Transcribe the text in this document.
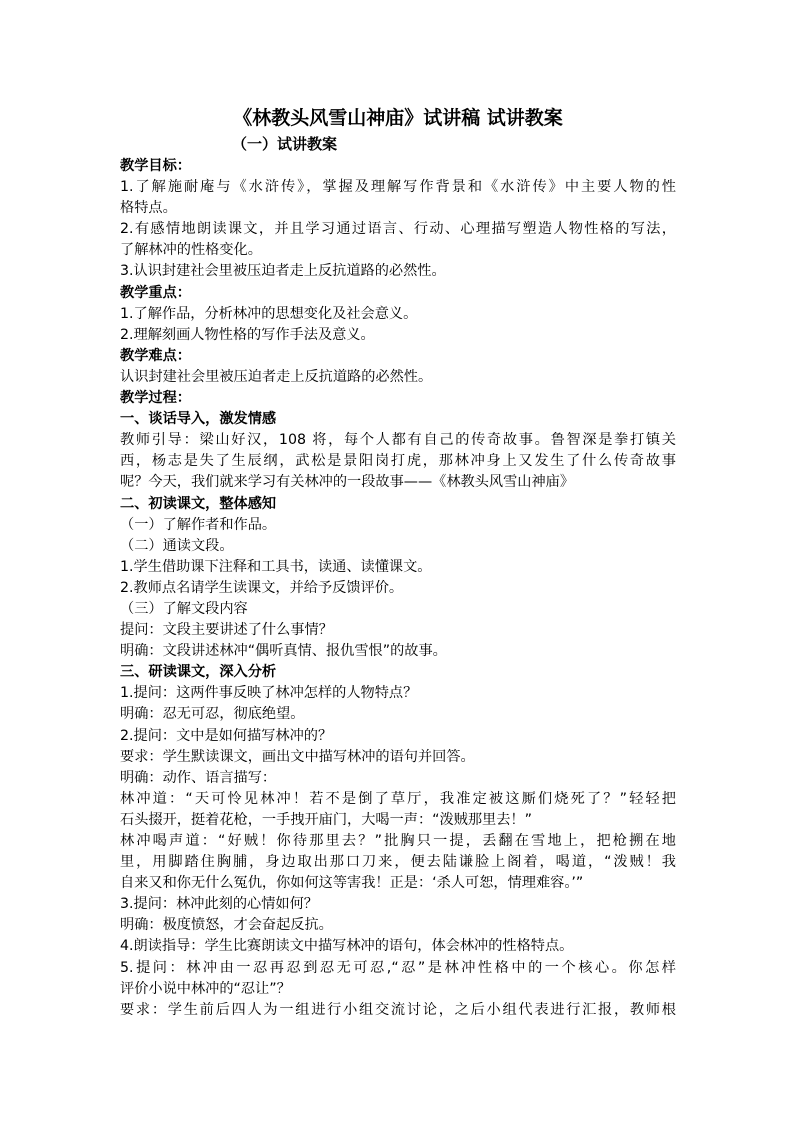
《林教头风雪山神庙》试讲稿 试讲教案
（一）试讲教案
教学目标：
1.了解施耐庵与《水浒传》，掌握及理解写作背景和《水浒传》中主要人物的性
格特点。
2.有感情地朗读课文，并且学习通过语言、行动、心理描写塑造人物性格的写法，
了解林冲的性格变化。
3.认识封建社会里被压迫者走上反抗道路的必然性。
教学重点：
1.了解作品，分析林冲的思想变化及社会意义。
2.理解刻画人物性格的写作手法及意义。
教学难点：
认识封建社会里被压迫者走上反抗道路的必然性。
教学过程：
一、谈话导入，激发情感
教师引导：梁山好汉，108 将，每个人都有自己的传奇故事。鲁智深是拳打镇关
西，杨志是失了生辰纲，武松是景阳岗打虎，那林冲身上又发生了什么传奇故事
呢？今天，我们就来学习有关林冲的一段故事——《林教头风雪山神庙》
二、初读课文，整体感知
（一）了解作者和作品。
（二）通读文段。
1.学生借助课下注释和工具书，读通、读懂课文。
2.教师点名请学生读课文，并给予反馈评价。
（三）了解文段内容
提问：文段主要讲述了什么事情？
明确：文段讲述林冲“偶听真情、报仇雪恨”的故事。
三、研读课文，深入分析
1.提问：这两件事反映了林冲怎样的人物特点？
明确：忍无可忍，彻底绝望。
2.提问：文中是如何描写林冲的？
要求：学生默读课文，画出文中描写林冲的语句并回答。
明确：动作、语言描写：
林冲道：“天可怜见林冲！若不是倒了草厅，我准定被这厮们烧死了？”轻轻把
石头掇开，挺着花枪，一手拽开庙门，大喝一声：“泼贼那里去！”
林冲喝声道：“好贼！你待那里去？”批胸只一提，丢翻在雪地上，把枪搠在地
里，用脚踏住胸脯，身边取出那口刀来，便去陆谦脸上阁着，喝道，“泼贼！我
自来又和你无什么冤仇，你如何这等害我！正是：‘杀人可恕，情理难容。’”
3.提问：林冲此刻的心情如何？
明确：极度愤怒，才会奋起反抗。
4.朗读指导：学生比赛朗读文中描写林冲的语句，体会林冲的性格特点。
5.提问：林冲由一忍再忍到忍无可忍,“忍”是林冲性格中的一个核心。你怎样
评价小说中林冲的“忍让”？
要求：学生前后四人为一组进行小组交流讨论，之后小组代表进行汇报，教师根
